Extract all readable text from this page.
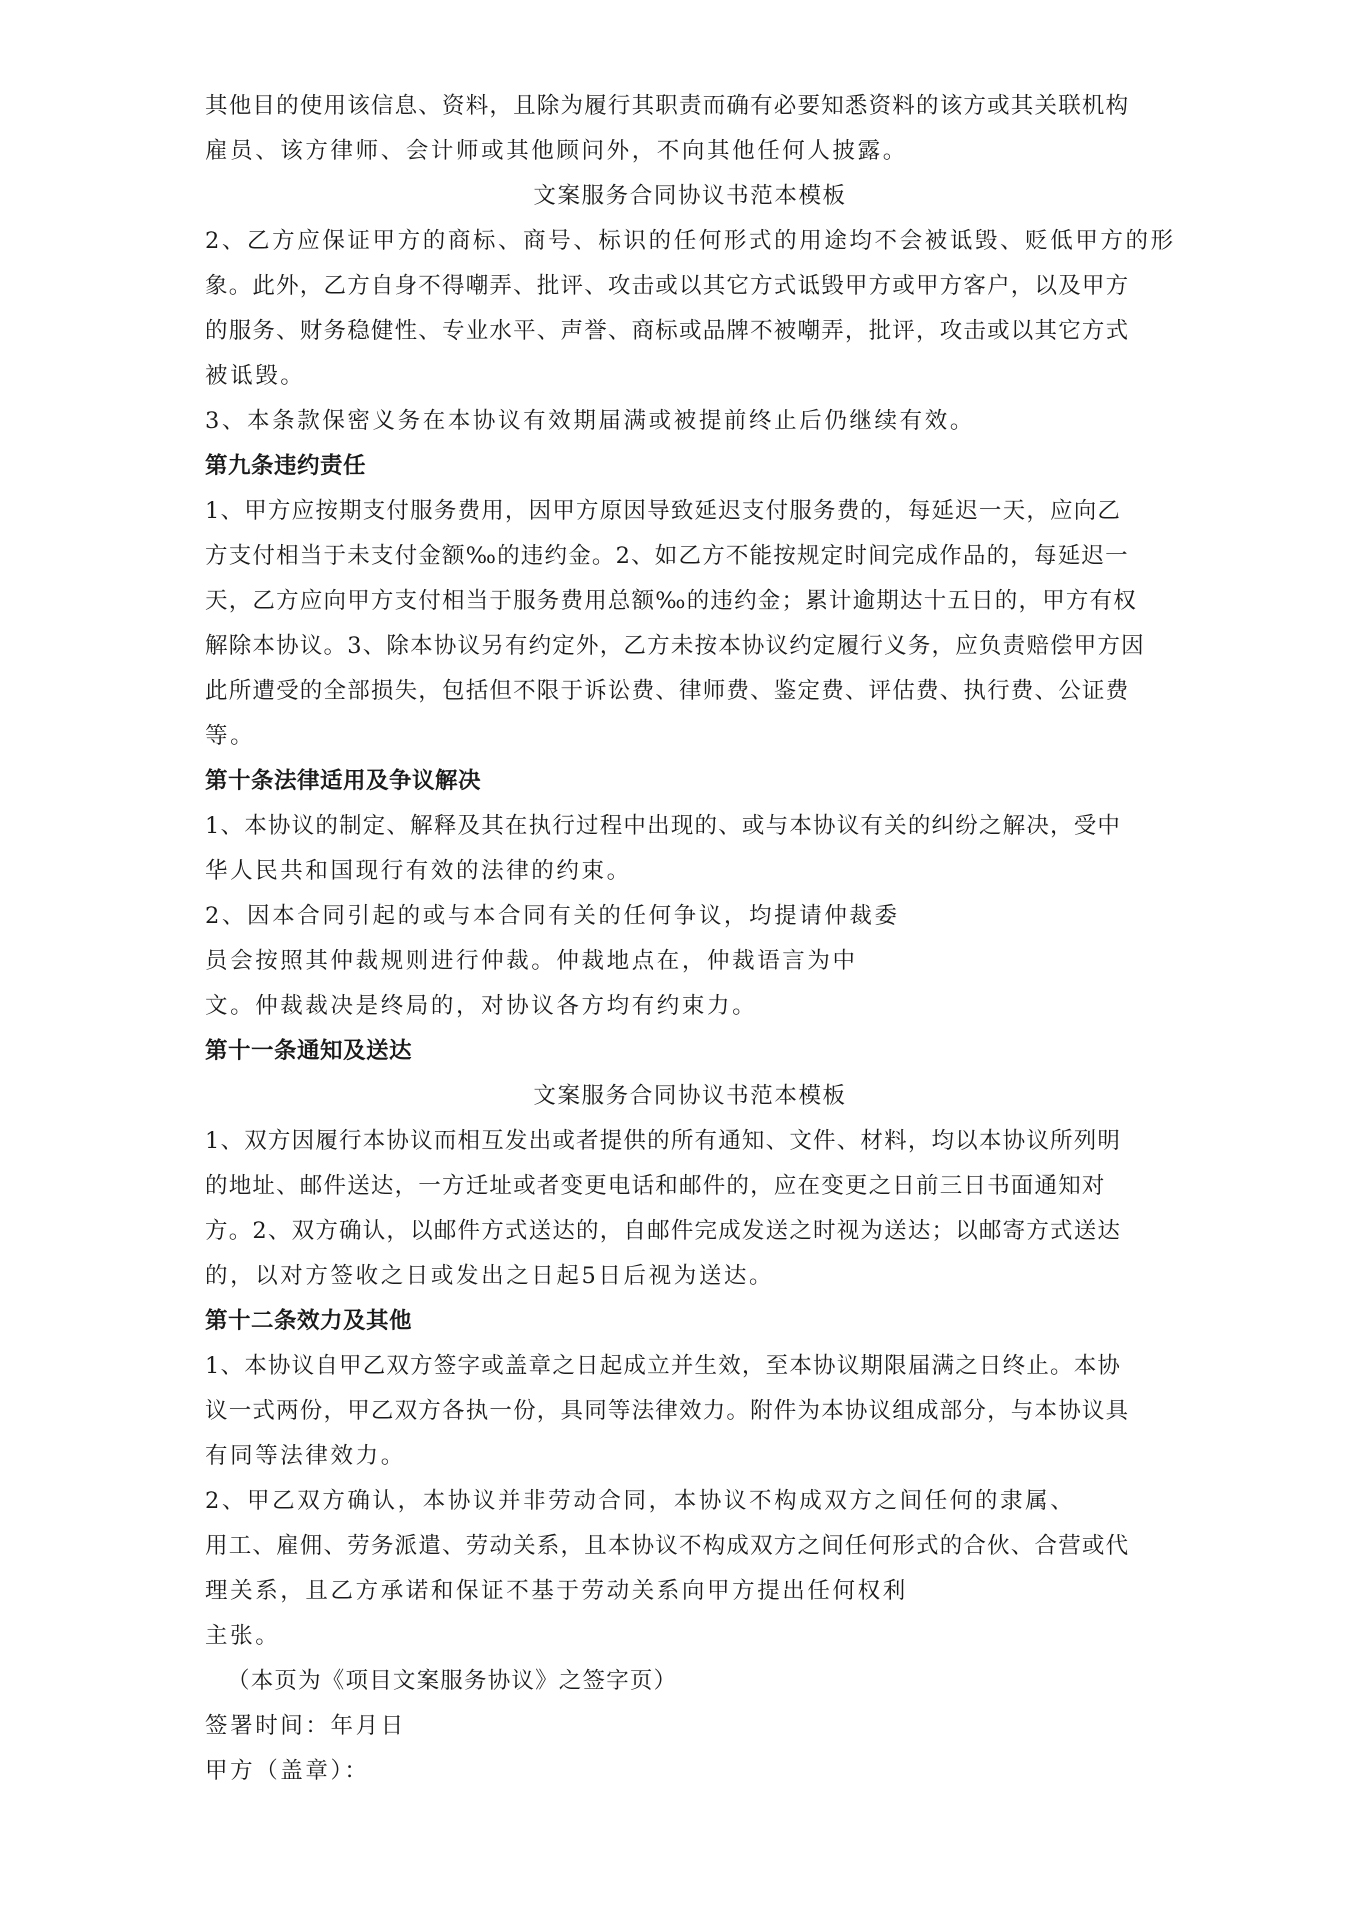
其他目的使用该信息、资料，且除为履行其职责而确有必要知悉资料的该方或其关联机构
雇员、该方律师、会计师或其他顾问外，不向其他任何人披露。
文案服务合同协议书范本模板
2、乙方应保证甲方的商标、商号、标识的任何形式的用途均不会被诋毁、贬低甲方的形
象。此外，乙方自身不得嘲弄、批评、攻击或以其它方式诋毁甲方或甲方客户，以及甲方
的服务、财务稳健性、专业水平、声誉、商标或品牌不被嘲弄，批评，攻击或以其它方式
被诋毁。
3、本条款保密义务在本协议有效期届满或被提前终止后仍继续有效。
第九条违约责任
1、甲方应按期支付服务费用，因甲方原因导致延迟支付服务费的，每延迟一天，应向乙
方支付相当于未支付金额‰的违约金。2、如乙方不能按规定时间完成作品的，每延迟一
天，乙方应向甲方支付相当于服务费用总额‰的违约金；累计逾期达十五日的，甲方有权
解除本协议。3、除本协议另有约定外，乙方未按本协议约定履行义务，应负责赔偿甲方因
此所遭受的全部损失，包括但不限于诉讼费、律师费、鉴定费、评估费、执行费、公证费
等。
第十条法律适用及争议解决
1、本协议的制定、解释及其在执行过程中出现的、或与本协议有关的纠纷之解决，受中
华人民共和国现行有效的法律的约束。
2、因本合同引起的或与本合同有关的任何争议，均提请仲裁委
员会按照其仲裁规则进行仲裁。仲裁地点在，仲裁语言为中
文。仲裁裁决是终局的，对协议各方均有约束力。
第十一条通知及送达
文案服务合同协议书范本模板
1、双方因履行本协议而相互发出或者提供的所有通知、文件、材料，均以本协议所列明
的地址、邮件送达，一方迁址或者变更电话和邮件的，应在变更之日前三日书面通知对
方。2、双方确认，以邮件方式送达的，自邮件完成发送之时视为送达；以邮寄方式送达
的，以对方签收之日或发出之日起5日后视为送达。
第十二条效力及其他
1、本协议自甲乙双方签字或盖章之日起成立并生效，至本协议期限届满之日终止。本协
议一式两份，甲乙双方各执一份，具同等法律效力。附件为本协议组成部分，与本协议具
有同等法律效力。
2、甲乙双方确认，本协议并非劳动合同，本协议不构成双方之间任何的隶属、
用工、雇佣、劳务派遣、劳动关系，且本协议不构成双方之间任何形式的合伙、合营或代
理关系，且乙方承诺和保证不基于劳动关系向甲方提出任何权利
主张。
（本页为《项目文案服务协议》之签字页）
签署时间：年月日
甲方（盖章）：
